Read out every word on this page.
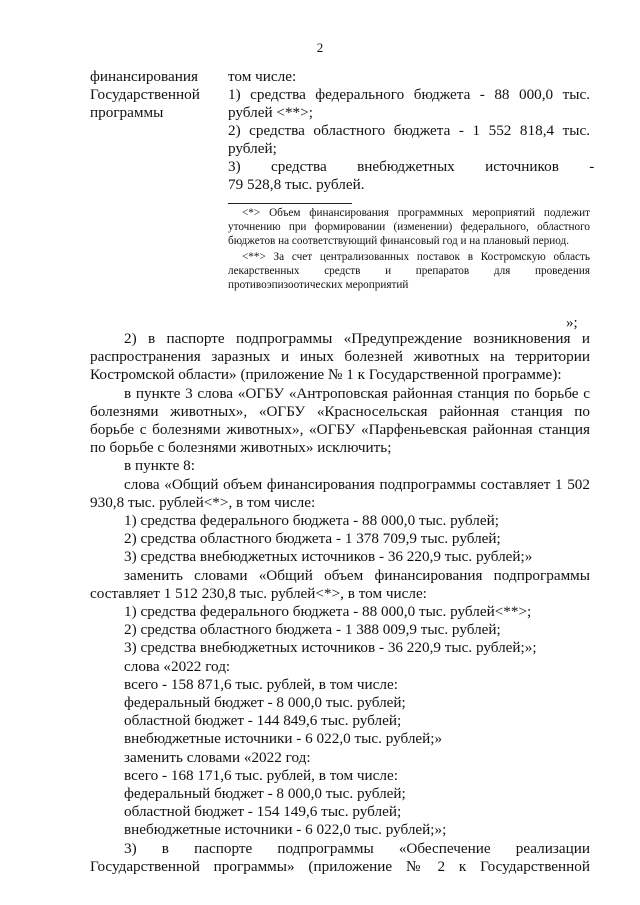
2
финансирования
Государственной
программы
том числе:
1) средства федерального бюджета - 88 000,0 тыс.
рублей <**>;
2) средства областного бюджета - 1 552 818,4 тыс.
рублей;
3)        средства        внебюджетных        источников        -
79 528,8 тыс. рублей.

<*> Объем финансирования программных мероприятий подлежит уточнению при формировании (изменении) федерального, областного бюджетов на соответствующий финансовый год и на плановый период.

<**> За счет централизованных поставок в Костромскую область лекарственных средств и препаратов для проведения противоэпизоотических мероприятий

»;

2) в паспорте подпрограммы «Предупреждение возникновения и распространения заразных и иных болезней животных на территории Костромской области» (приложение № 1 к Государственной программе):

в пункте 3 слова «ОГБУ «Антроповская районная станция по борьбе с болезнями животных», «ОГБУ «Красносельская районная станция по борьбе с болезнями животных», «ОГБУ «Парфеньевская районная станция по борьбе с болезнями животных» исключить;

в пункте 8:

слова «Общий объем финансирования подпрограммы составляет 1 502 930,8 тыс. рублей<*>, в том числе:

1) средства федерального бюджета - 88 000,0 тыс. рублей;

2) средства областного бюджета - 1 378 709,9 тыс. рублей;

3) средства внебюджетных источников - 36 220,9 тыс. рублей;»

заменить словами «Общий объем финансирования подпрограммы составляет 1 512 230,8 тыс. рублей<*>, в том числе:

1) средства федерального бюджета - 88 000,0 тыс. рублей<**>;

2) средства областного бюджета - 1 388 009,9 тыс. рублей;

3) средства внебюджетных источников - 36 220,9 тыс. рублей;»;

слова «2022 год:

всего - 158 871,6 тыс. рублей, в том числе:

федеральный бюджет - 8 000,0 тыс. рублей;

областной бюджет - 144 849,6 тыс. рублей;

внебюджетные источники - 6 022,0 тыс. рублей;»

заменить словами «2022 год:

всего - 168 171,6 тыс. рублей, в том числе:

федеральный бюджет - 8 000,0 тыс. рублей;

областной бюджет - 154 149,6 тыс. рублей;

внебюджетные источники - 6 022,0 тыс. рублей;»;

3)     в     паспорте     подпрограммы     «Обеспечение     реализации

Государственной  программы»  (приложение  №  2  к  Государственной
